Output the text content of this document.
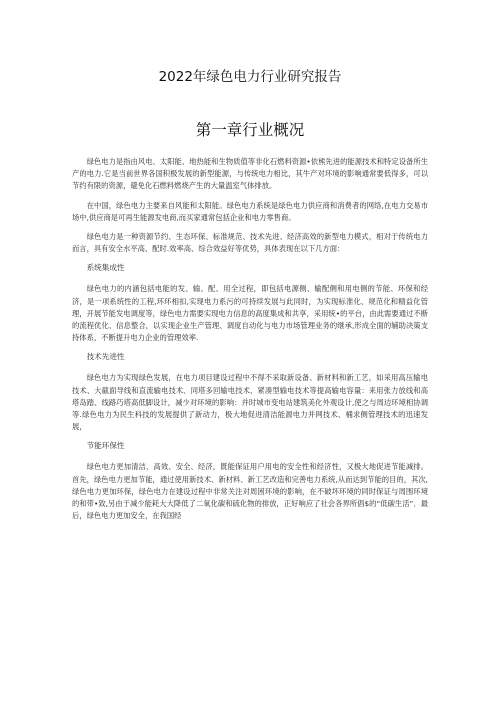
2022年绿色电力行业研究报告
第一章行业概况

绿色电力是指由风电、太阳能、地热能和生物质值等非化石燃料资源•依熊先进的能源技术和特定设备所生产的电力.它是当前世界各国积极发展的新型能源，与传统电力相比，其牛产对环境的影响通常要低得多，可以节约有限的资源，避免化石燃料燃烧产生的大量温室气体排放。

在中国，绿色电力主要来自风能和太阳能。绿色电力系统是绿色电力供应商和消费者的网络,在电力交易市场中,供应商是可再生能源发电商,而买家通常包括企业和电力零售商。

绿色电力是一种资源节约、生态环保、标准规范、技术先进、经济高效的新型电力模式，相对于传统电力而言，具有安全水平高、配时.效率高、综合效益好等优势，具体表现在以下几方面：

系统集成性

绿色电力的内涵包括电能的发、输、配、用全过程，即包括电源侧、输配侧和用电侧的节能、环保和经济，是一项系统性的工程,环环相扣,实现电力系污的可持续发展与此同时，为实现标准化、规范化和精益化管理，开展节能发电调度等，绿色电力需要实现电力信息的高度集成和共享，采用统•的平台，由此需要通过不断的流程优化、信息整合，以实现企业生产管理、调度自动化与电力市场管理业务的继承,形成全面的辅助决策支持体系，不断提升电力企业的管理效率.

技术先进性

绿色电力为实现绿色发展，在电力项目建设过程中不得不采取新设备、新材料和新工艺，如采用高压输电技术、大截面导线和直流输电技术、同塔多回输电技术、紧凑型输电技术等提高输电容量：来用张力放线和高塔岛踏、线路巧塔高低脚设计，减少对环境的影响：并时城市变电站建筑美化外观设计,使之与周边环境相协调等.绿色电力为民生科技的发展提供了新动力，极大地促进清洁能源电力并网技术、桶求侧管理技术的迅速发展，

节能环保性

绿色电力更加清洁、高效、安全、经济，既能保证用户用电的安全性和经济性，又极大地促进节能减排。首先，绿色电力更加节能，通过使用新技术、新材料、新工艺改造和完善电力系统,从而达到节能的目的，其次,绿色电力更加环保，绿色电力在建设过程中非常关注对周困环境的影响，在不破坏环境的同时保证与周围环境的和带•致,另由于减少能耗大大降低了二氧化碳和硫化物的排放，正好响应了社会各界所倡$的“低碳生活”．最后，绿色电力更加安全，在我国经
